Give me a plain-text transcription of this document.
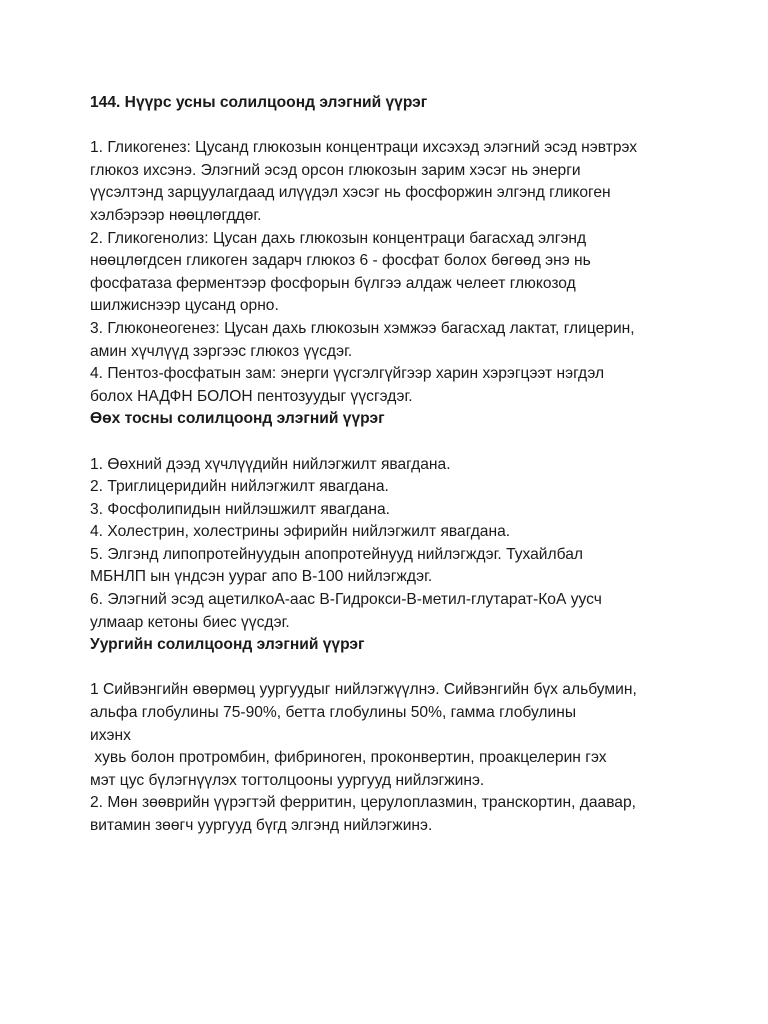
144. Нүүрс усны солилцоонд элэгний үүрэг
1. Гликогенез: Цусанд глюкозын концентраци ихсэхэд элэгний эсэд нэвтрэх
глюкоз ихсэнэ. Элэгний эсэд орсон глюкозын зарим хэсэг нь энерги
үүсэлтэнд зарцуулагдаад илүүдэл хэсэг нь фосфоржин элгэнд гликоген
хэлбэрээр нөөцлөгддөг.
2. Гликогенолиз: Цусан дахь глюкозын концентраци багасхад элгэнд
нөөцлөгдсен гликоген задарч глюкоз 6 - фосфат болох бөгөөд энэ нь
фосфатаза ферментээр фосфорын бүлгээ алдаж челеет глюкозод
шилжиснээр цусанд орно.
3. Глюконеогенез: Цусан дахь глюкозын хэмжээ багасхад лактат, глицерин,
амин хүчлүүд зэргээс глюкоз үүсдэг.
4. Пентоз-фосфатын зам: энерги үүсгэлгүйгээр харин хэрэгцээт нэгдэл
болох НАДФН БОЛОН пентозуудыг үүсгэдэг.
Өөх тосны солилцоонд элэгний үүрэг
1. Өөхний дээд хүчлүүдийн нийлэгжилт явагдана.
2. Триглицеридийн нийлэгжилт явагдана.
3. Фосфолипидын нийлэшжилт явагдана.
4. Холестрин, холестрины эфирийн нийлэгжилт явагдана.
5. Элгэнд липопротейнуудын апопротейнууд нийлэгждэг. Тухайлбал
МБНЛП ын үндсэн уураг апо В-100 нийлэгждэг.
6. Элэгний эсэд ацетилкоА-аас В-Гидрокси-В-метил-глутарат-КоА уусч
улмаар кетоны биес үүсдэг.
Уургийн солилцоонд элэгний үүрэг
1 Сийвэнгийн өвөрмөц уургуудыг нийлэгжүүлнэ. Сийвэнгийн бүх альбумин,
альфа глобулины 75-90%, бетта глобулины 50%, гамма глобулины
ихэнх
хувь болон протромбин, фибриноген, проконвертин, проакцелерин гэх
мэт цус бүлэгнүүлэх тогтолцооны уургууд нийлэгжинэ.
2. Мөн зөөврийн үүрэгтэй ферритин, церулоплазмин, транскортин, даавар,
витамин зөөгч уургууд бүгд элгэнд нийлэгжинэ.
